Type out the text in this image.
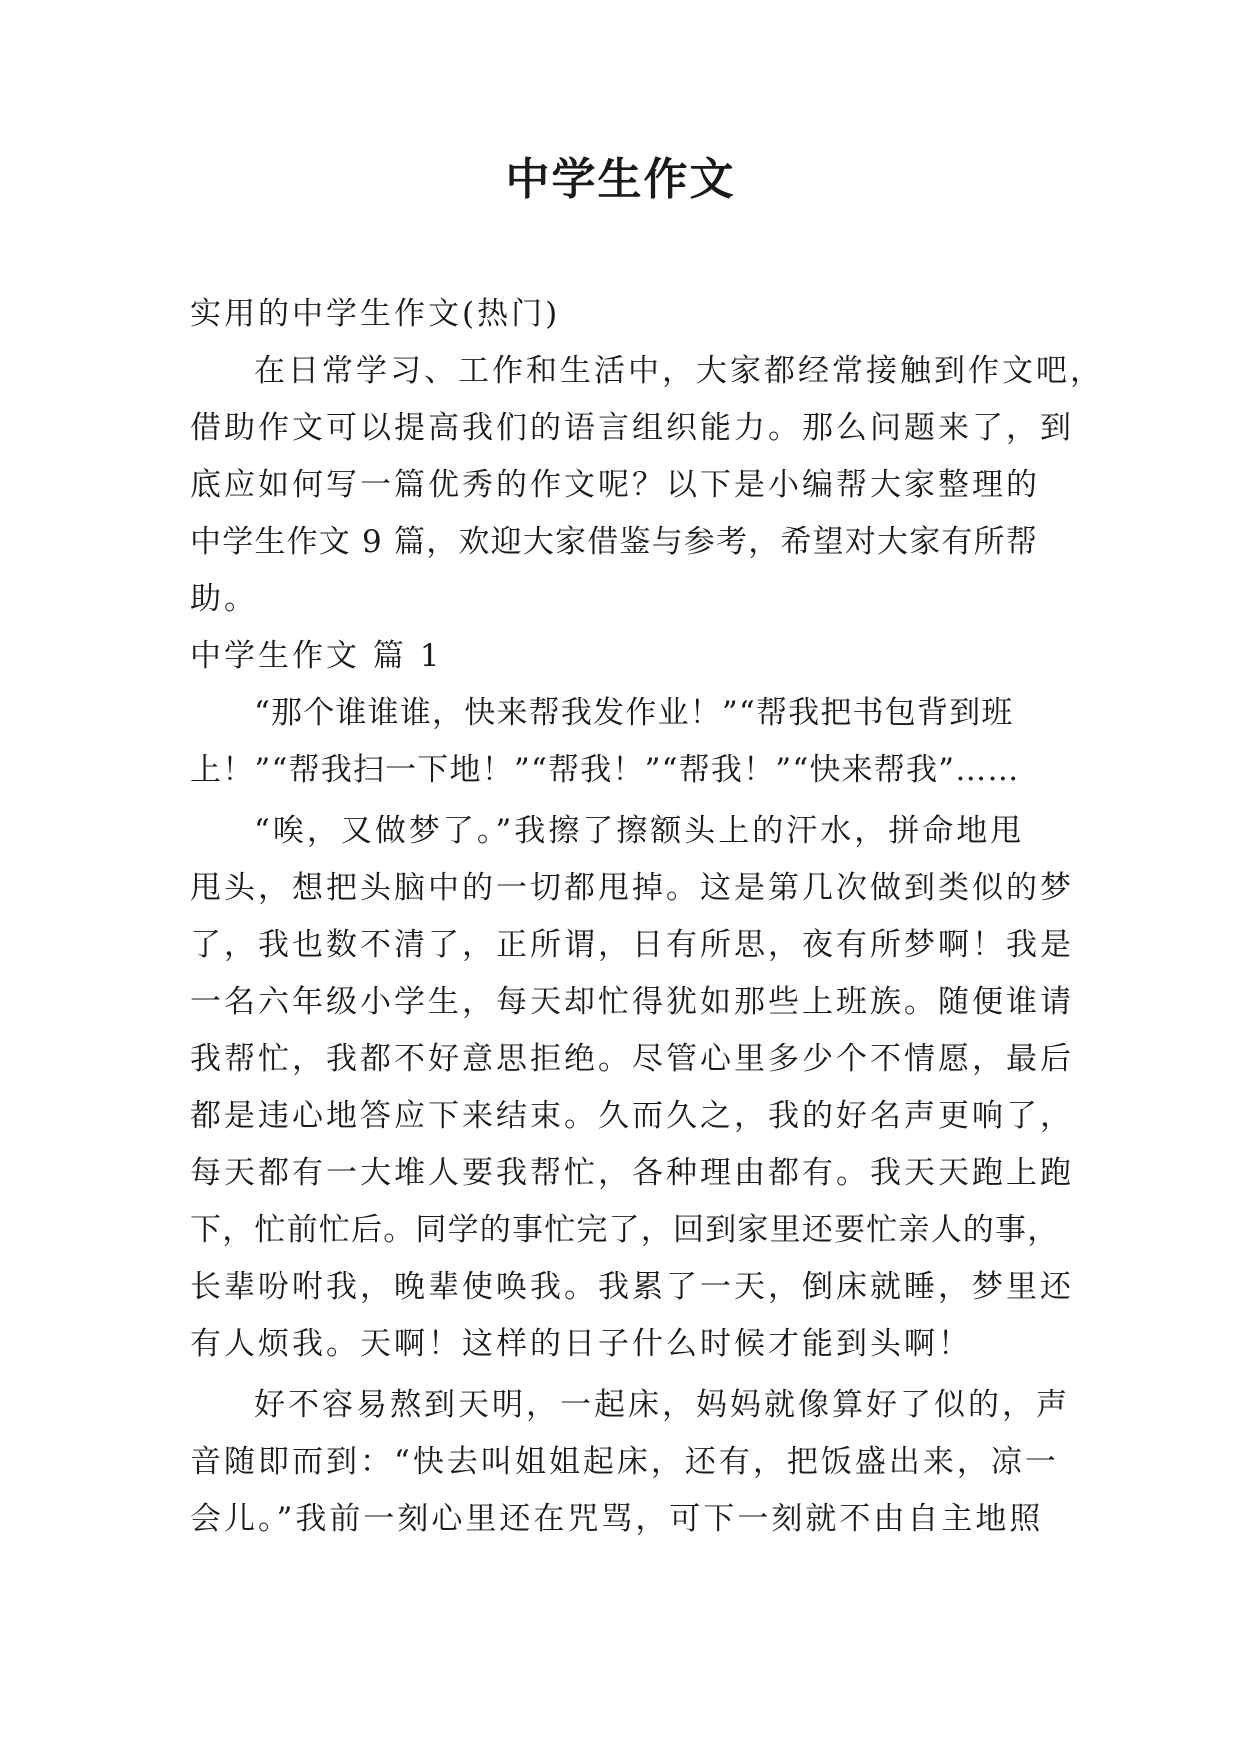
中学生作文
实用的中学生作文(热门)
在日常学习、工作和生活中，大家都经常接触到作文吧，
借助作文可以提高我们的语言组织能力。那么问题来了，到
底应如何写一篇优秀的作文呢？以下是小编帮大家整理的
中学生作文 9 篇，欢迎大家借鉴与参考，希望对大家有所帮
助。
中学生作文 篇 1
“那个谁谁谁，快来帮我发作业！”“帮我把书包背到班
上！”“帮我扫一下地！”“帮我！”“帮我！”“快来帮我”……
“唉，又做梦了。”我擦了擦额头上的汗水，拼命地甩
甩头，想把头脑中的一切都甩掉。这是第几次做到类似的梦
了，我也数不清了，正所谓，日有所思，夜有所梦啊！我是
一名六年级小学生，每天却忙得犹如那些上班族。随便谁请
我帮忙，我都不好意思拒绝。尽管心里多少个不情愿，最后
都是违心地答应下来结束。久而久之，我的好名声更响了，
每天都有一大堆人要我帮忙，各种理由都有。我天天跑上跑
下，忙前忙后。同学的事忙完了，回到家里还要忙亲人的事，
长辈吩咐我，晚辈使唤我。我累了一天，倒床就睡，梦里还
有人烦我。天啊！这样的日子什么时候才能到头啊！
好不容易熬到天明，一起床，妈妈就像算好了似的，声
音随即而到：“快去叫姐姐起床，还有，把饭盛出来，凉一
会儿。”我前一刻心里还在咒骂，可下一刻就不由自主地照
